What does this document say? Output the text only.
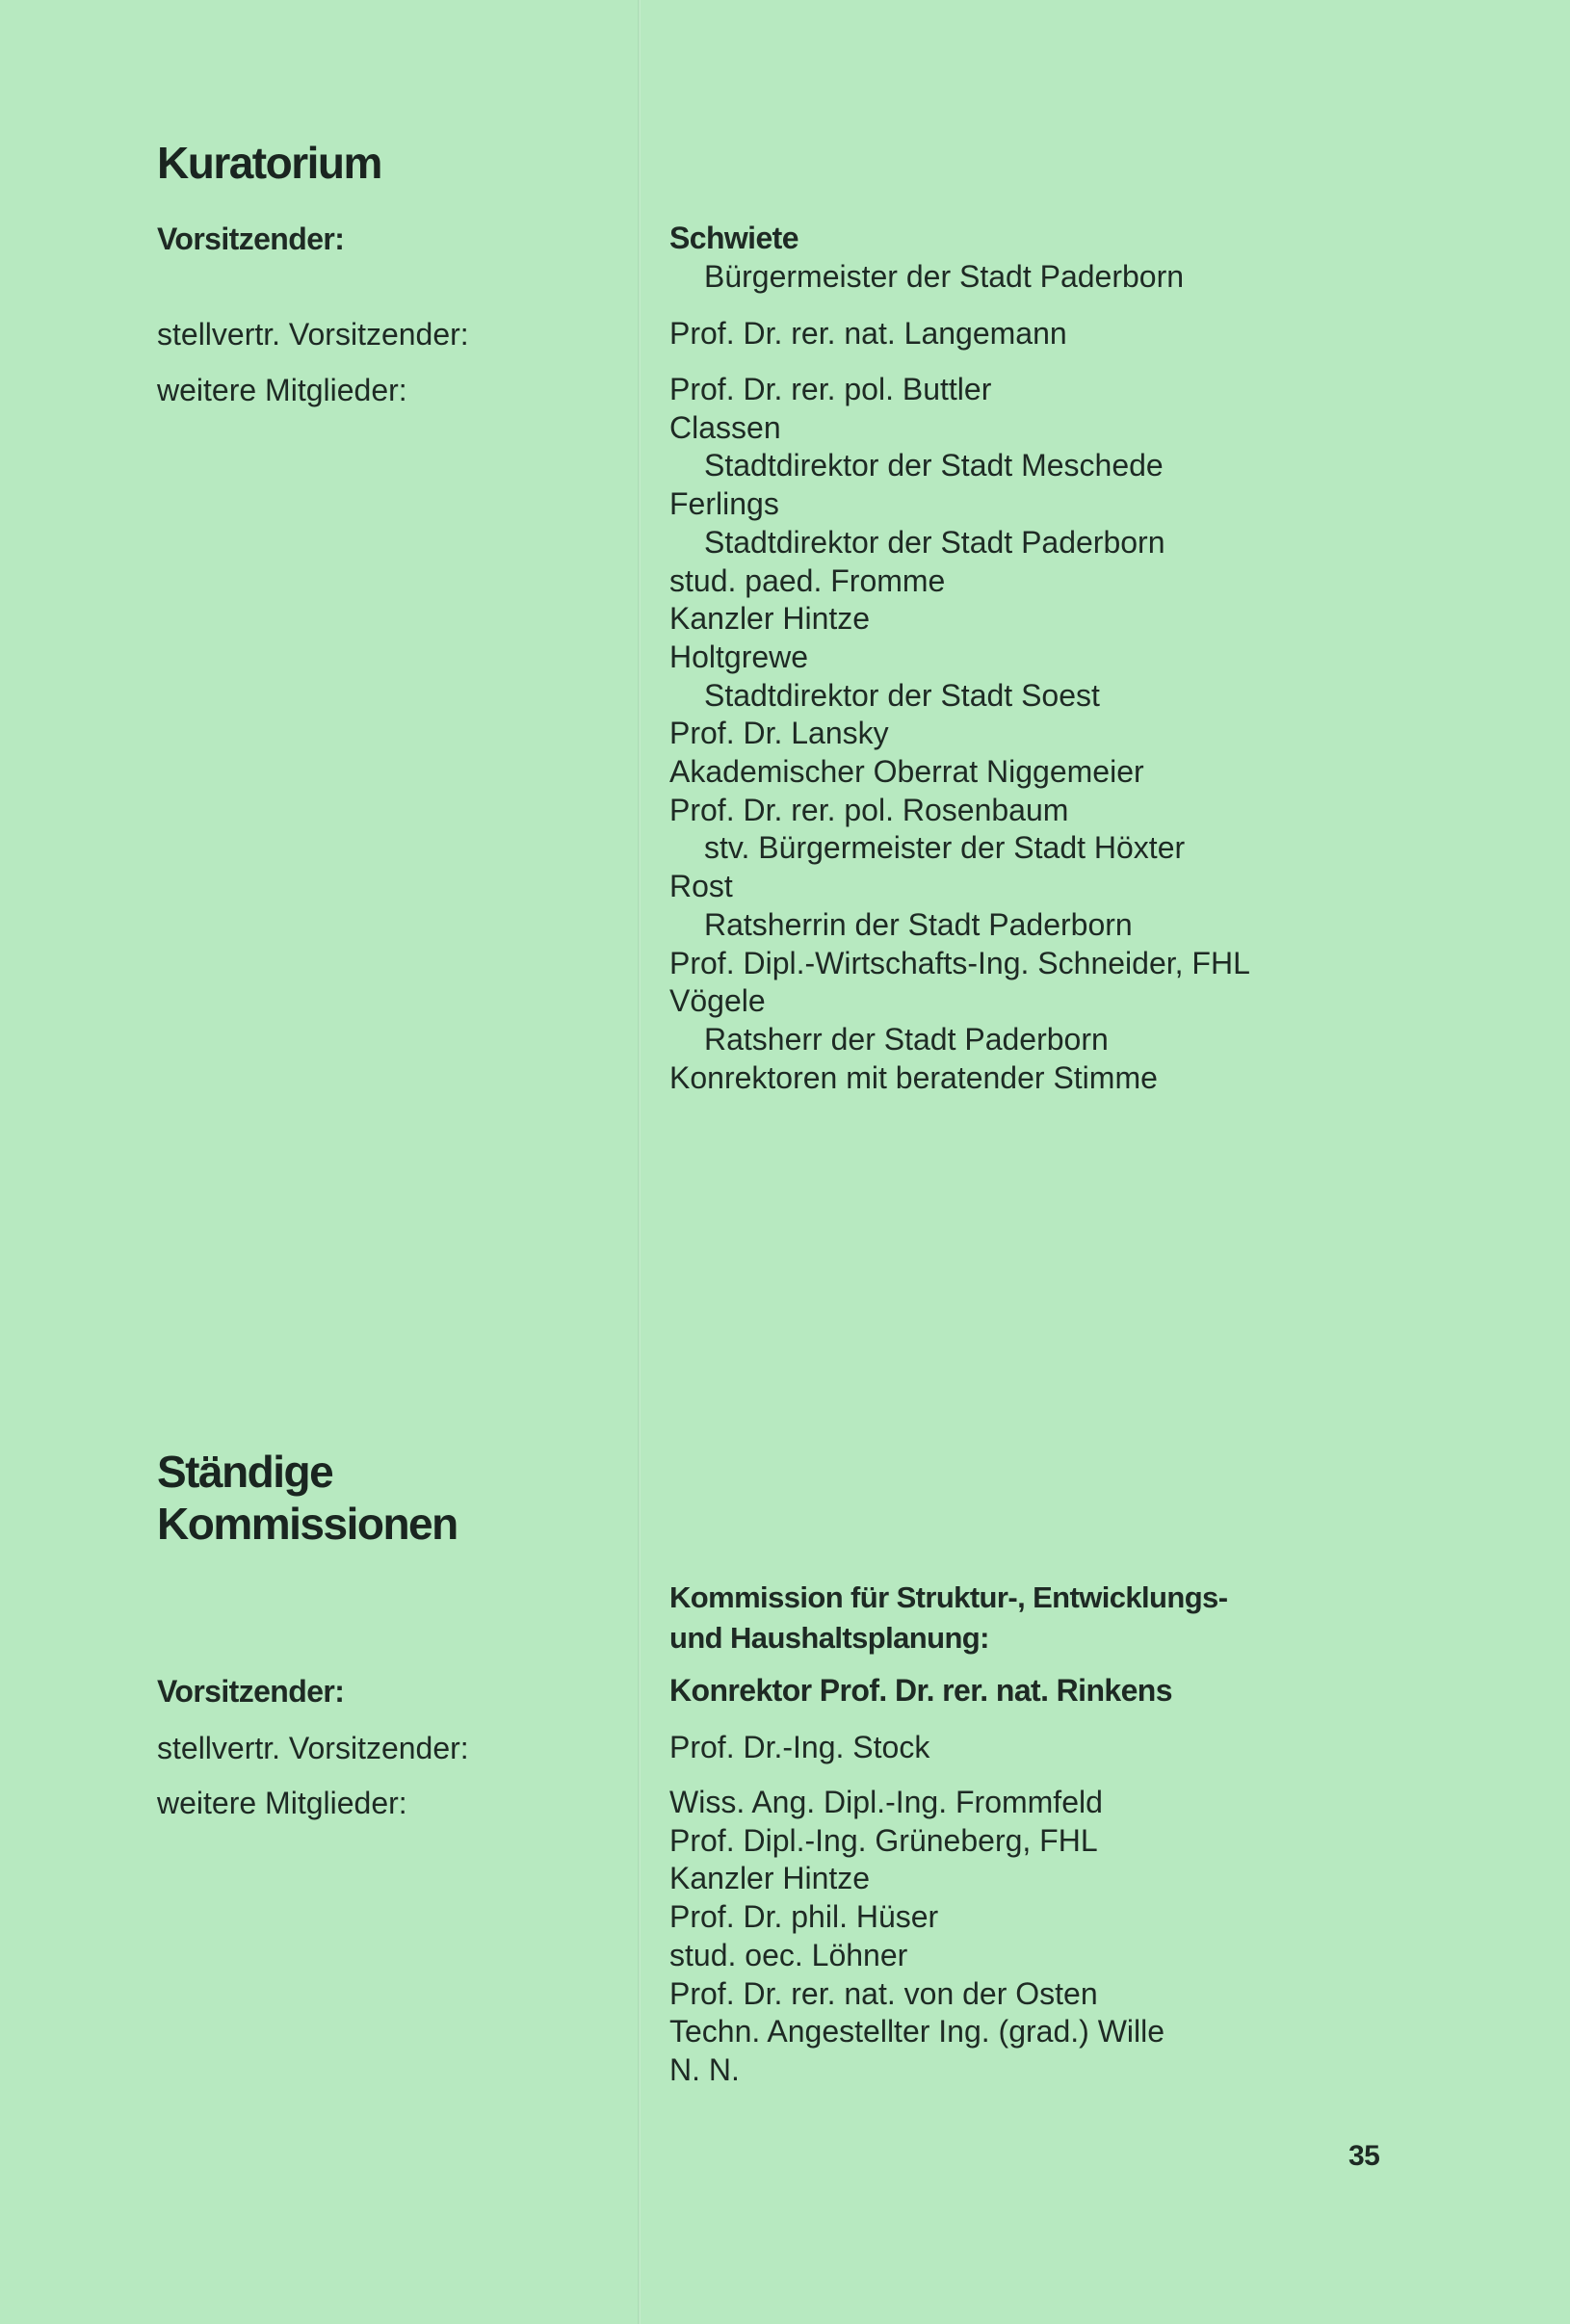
Kuratorium

Vorsitzender:

stellvertr. Vorsitzender:

weitere Mitglieder:

Schwiete
Bürgermeister der Stadt Paderborn
Prof. Dr. rer. nat. Langemann
Prof. Dr. rer. pol. Buttler
Classen
Stadtdirektor der Stadt Meschede
Ferlings
Stadtdirektor der Stadt Paderborn
stud. paed. Fromme
Kanzler Hintze
Holtgrewe
Stadtdirektor der Stadt Soest
Prof. Dr. Lansky
Akademischer Oberrat Niggemeier
Prof. Dr. rer. pol. Rosenbaum
stv. Bürgermeister der Stadt Höxter
Rost
Ratsherrin der Stadt Paderborn
Prof. Dipl.-Wirtschafts-Ing. Schneider, FHL
Vögele
Ratsherr der Stadt Paderborn
Konrektoren mit beratender Stimme
Ständige
Kommissionen
Kommission für Struktur-, Entwicklungs-
und Haushaltsplanung:

Vorsitzender:

stellvertr. Vorsitzender:

weitere Mitglieder:

Konrektor Prof. Dr. rer. nat. Rinkens
Prof. Dr.-Ing. Stock
Wiss. Ang. Dipl.-Ing. Frommfeld
Prof. Dipl.-Ing. Grüneberg, FHL
Kanzler Hintze
Prof. Dr. phil. Hüser
stud. oec. Löhner
Prof. Dr. rer. nat. von der Osten
Techn. Angestellter Ing. (grad.) Wille
N. N.
35
